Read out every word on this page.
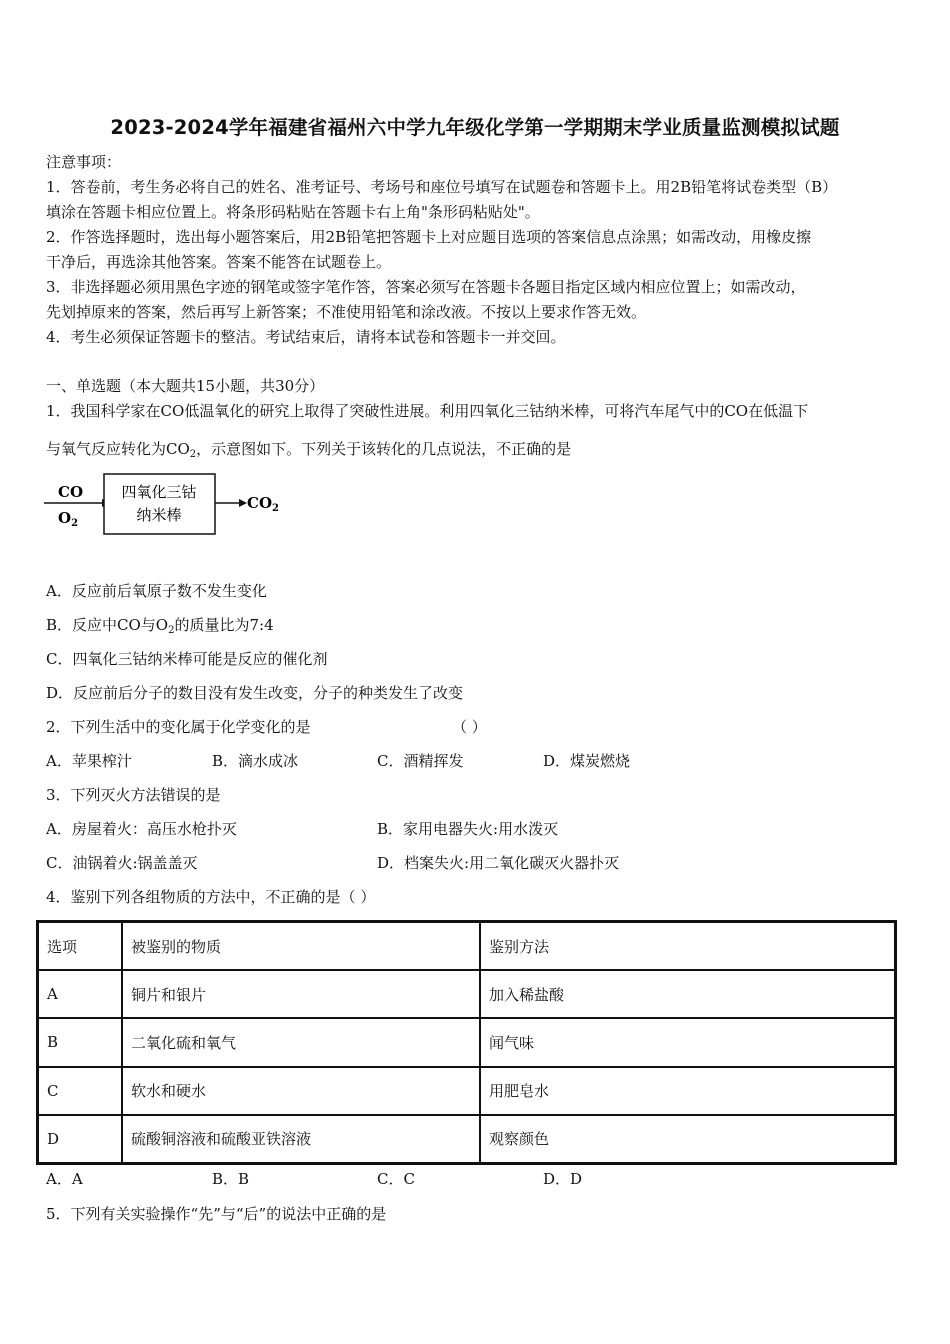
2023-2024学年福建省福州六中学九年级化学第一学期期末学业质量监测模拟试题
注意事项：
1．答卷前，考生务必将自己的姓名、准考证号、考场号和座位号填写在试题卷和答题卡上。用2B铅笔将试卷类型（B）
填涂在答题卡相应位置上。将条形码粘贴在答题卡右上角"条形码粘贴处"。
2．作答选择题时，选出每小题答案后，用2B铅笔把答题卡上对应题目选项的答案信息点涂黑；如需改动，用橡皮擦
干净后，再选涂其他答案。答案不能答在试题卷上。
3．非选择题必须用黑色字迹的钢笔或签字笔作答，答案必须写在答题卡各题目指定区域内相应位置上；如需改动，
先划掉原来的答案，然后再写上新答案；不准使用铅笔和涂改液。不按以上要求作答无效。
4．考生必须保证答题卡的整洁。考试结束后，请将本试卷和答题卡一并交回。
一、单选题（本大题共15小题，共30分）
1．我国科学家在CO低温氧化的研究上取得了突破性进展。利用四氧化三钴纳米棒，可将汽车尾气中的CO在低温下
与氧气反应转化为$CO_2$，示意图如下。下列关于该转化的几点说法，不正确的是
CO
$O_2$
四氧化三钴
纳米棒
$CO_2$
A．反应前后氧原子数不发生变化
B．反应中CO与$O_2$的质量比为7:4
C．四氧化三钴纳米棒可能是反应的催化剂
D．反应前后分子的数目没有发生改变，分子的种类发生了改变
2．下列生活中的变化属于化学变化的是	（ ）
A．苹果榨汁	B．滴水成冰	C．酒精挥发	D．煤炭燃烧
3．下列灭火方法错误的是
A．房屋着火：高压水枪扑灭	B．家用电器失火:用水泼灭
C．油锅着火:锅盖盖灭	D．档案失火:用二氧化碳灭火器扑灭
4．鉴别下列各组物质的方法中，不正确的是（ ）
选项	被鉴别的物质	鉴别方法
A	铜片和银片	加入稀盐酸
B	二氧化硫和氧气	闻气味
C	软水和硬水	用肥皂水
D	硫酸铜溶液和硫酸亚铁溶液	观察颜色
A．A	B．B	C．C	D．D
5．下列有关实验操作“先”与“后”的说法中正确的是
